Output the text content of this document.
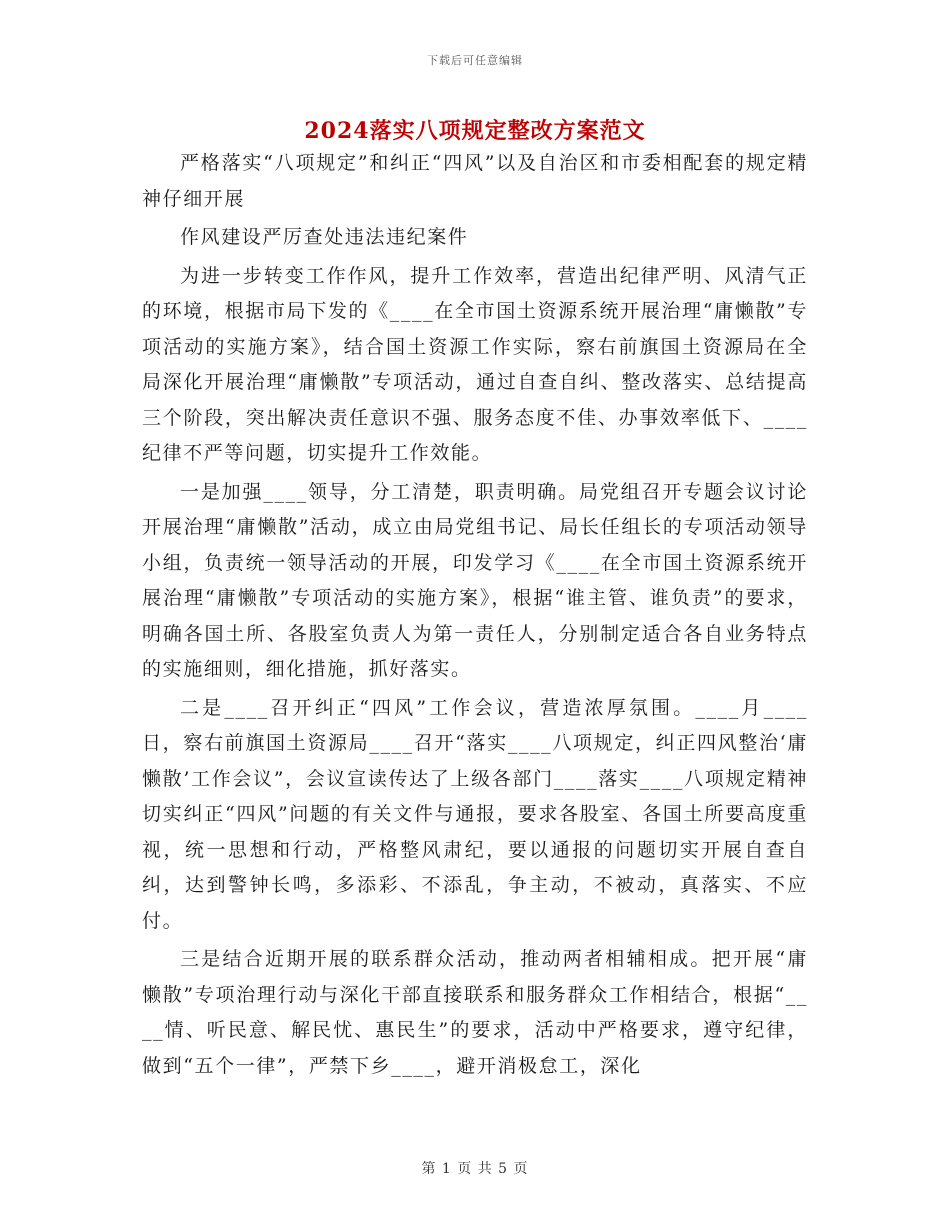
下载后可任意编辑
2024落实八项规定整改方案范文

严格落实“八项规定”和纠正“四风”以及自治区和市委相配套的规定精神仔细开展

作风建设严厉查处违法违纪案件

为进一步转变工作作风，提升工作效率，营造出纪律严明、风清气正的环境，根据市局下发的《____在全市国土资源系统开展治理“庸懒散”专项活动的实施方案》，结合国土资源工作实际，察右前旗国土资源局在全局深化开展治理“庸懒散”专项活动，通过自查自纠、整改落实、总结提高三个阶段，突出解决责任意识不强、服务态度不佳、办事效率低下、____纪律不严等问题，切实提升工作效能。

一是加强____领导，分工清楚，职责明确。局党组召开专题会议讨论开展治理“庸懒散”活动，成立由局党组书记、局长任组长的专项活动领导小组，负责统一领导活动的开展，印发学习《____在全市国土资源系统开展治理“庸懒散”专项活动的实施方案》，根据“谁主管、谁负责”的要求，明确各国土所、各股室负责人为第一责任人，分别制定适合各自业务特点的实施细则，细化措施，抓好落实。

二是____召开纠正“四风”工作会议，营造浓厚氛围。____月____日，察右前旗国土资源局____召开“落实____八项规定，纠正四风整治‘庸懒散’工作会议”，会议宣读传达了上级各部门____落实____八项规定精神切实纠正“四风”问题的有关文件与通报，要求各股室、各国土所要高度重视，统一思想和行动，严格整风肃纪，要以通报的问题切实开展自查自纠，达到警钟长鸣，多添彩、不添乱，争主动，不被动，真落实、不应付。

三是结合近期开展的联系群众活动，推动两者相辅相成。把开展“庸懒散”专项治理行动与深化干部直接联系和服务群众工作相结合，根据“____情、听民意、解民忧、惠民生”的要求，活动中严格要求，遵守纪律，做到“五个一律”，严禁下乡____，避开消极怠工，深化

第 1 页 共 5 页
